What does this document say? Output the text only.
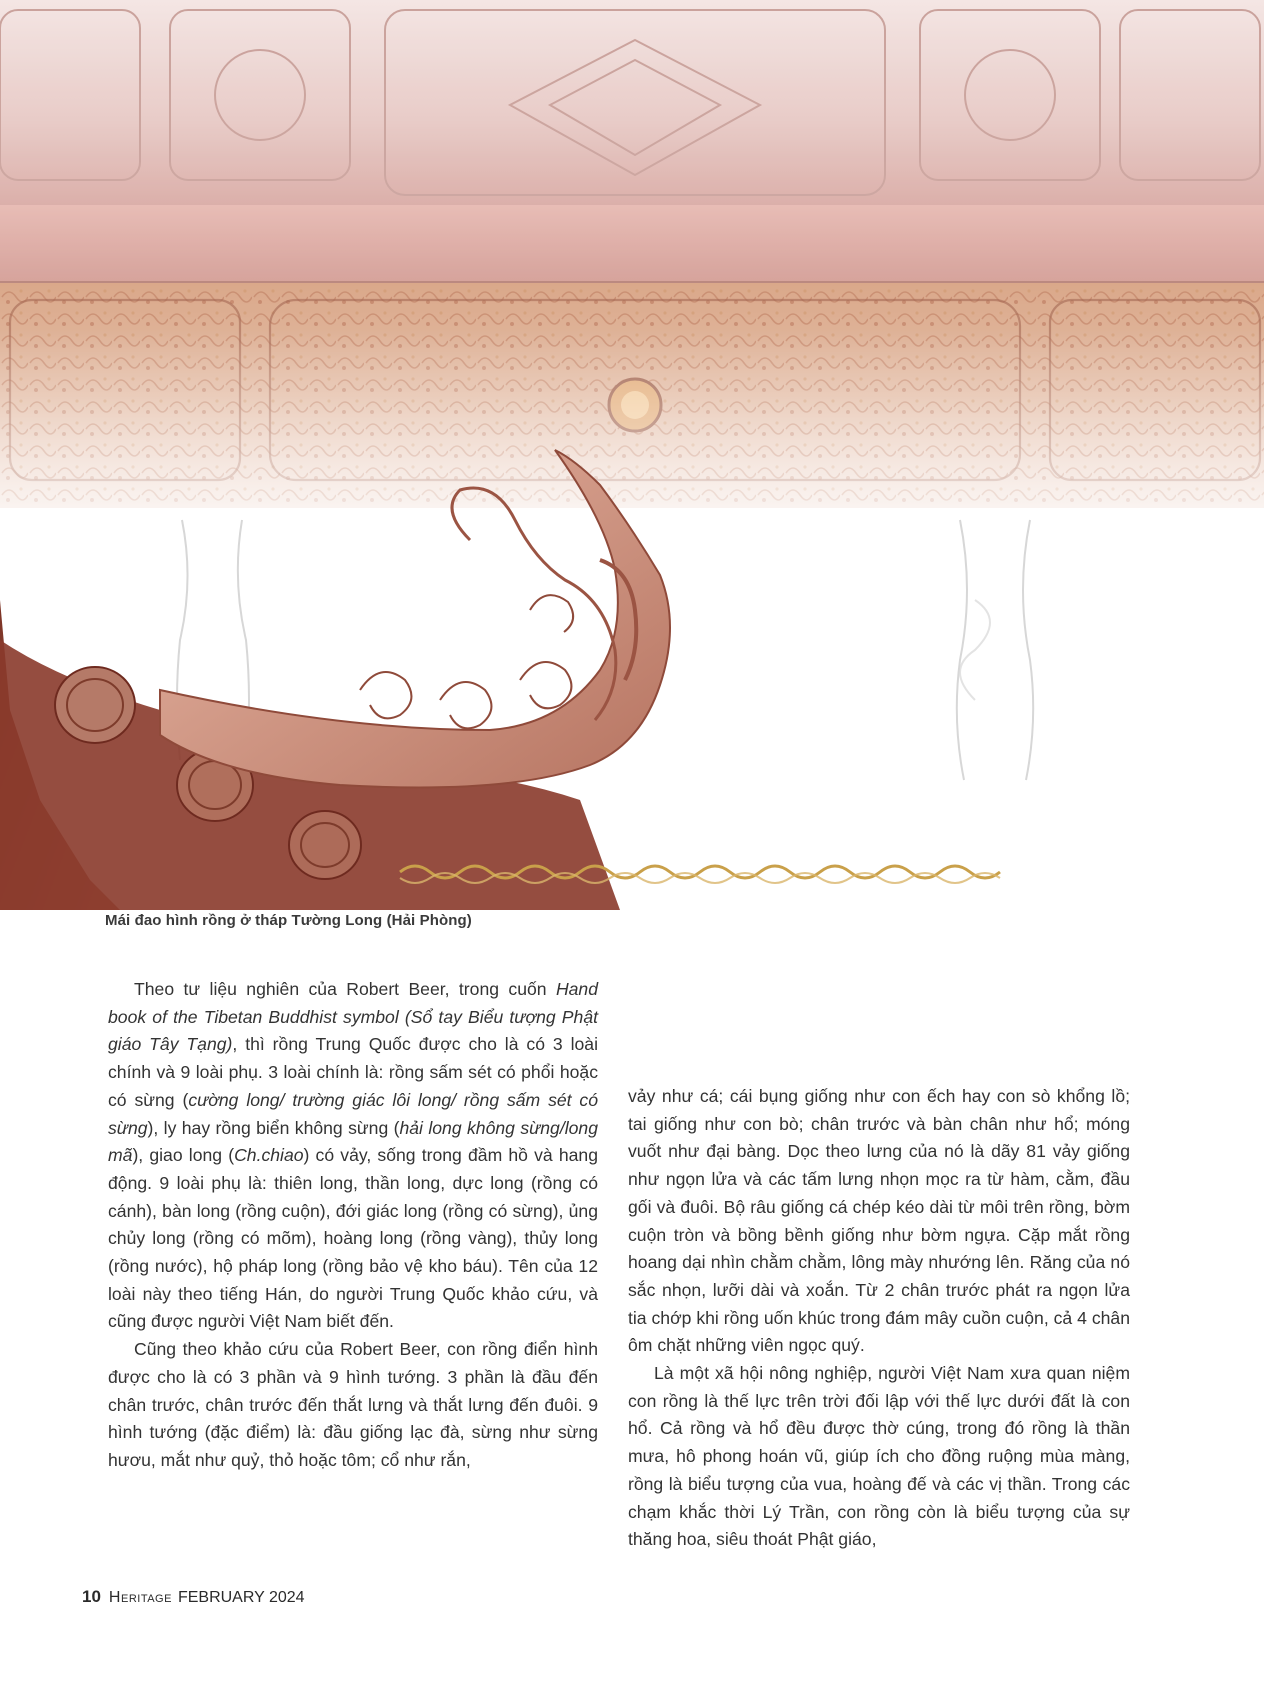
Mái đao hình rồng ở tháp Tường Long (Hải Phòng)

Theo tư liệu nghiên của Robert Beer, trong cuốn Hand book of the Tibetan Buddhist symbol (Sổ tay Biểu tượng Phật giáo Tây Tạng), thì rồng Trung Quốc được cho là có 3 loài chính và 9 loài phụ. 3 loài chính là: rồng sấm sét có phổi hoặc có sừng (cường long/ trường giác lôi long/ rồng sấm sét có sừng), ly hay rồng biển không sừng (hải long không sừng/long mã), giao long (Ch.chiao) có vảy, sống trong đầm hồ và hang động. 9 loài phụ là: thiên long, thần long, dực long (rồng có cánh), bàn long (rồng cuộn), đới giác long (rồng có sừng), ủng chủy long (rồng có mõm), hoàng long (rồng vàng), thủy long (rồng nước), hộ pháp long (rồng bảo vệ kho báu). Tên của 12 loài này theo tiếng Hán, do người Trung Quốc khảo cứu, và cũng được người Việt Nam biết đến.

Cũng theo khảo cứu của Robert Beer, con rồng điển hình được cho là có 3 phần và 9 hình tướng. 3 phần là đầu đến chân trước, chân trước đến thắt lưng và thắt lưng đến đuôi. 9 hình tướng (đặc điểm) là: đầu giống lạc đà, sừng như sừng hươu, mắt như quỷ, thỏ hoặc tôm; cổ như rắn,

vảy như cá; cái bụng giống như con ếch hay con sò khổng lồ; tai giống như con bò; chân trước và bàn chân như hổ; móng vuốt như đại bàng. Dọc theo lưng của nó là dãy 81 vảy giống như ngọn lửa và các tấm lưng nhọn mọc ra từ hàm, cằm, đầu gối và đuôi. Bộ râu giống cá chép kéo dài từ môi trên rồng, bờm cuộn tròn và bồng bềnh giống như bờm ngựa. Cặp mắt rồng hoang dại nhìn chằm chằm, lông mày nhướng lên. Răng của nó sắc nhọn, lưỡi dài và xoắn. Từ 2 chân trước phát ra ngọn lửa tia chớp khi rồng uốn khúc trong đám mây cuồn cuộn, cả 4 chân ôm chặt những viên ngọc quý.

Là một xã hội nông nghiệp, người Việt Nam xưa quan niệm con rồng là thế lực trên trời đối lập với thế lực dưới đất là con hổ. Cả rồng và hổ đều được thờ cúng, trong đó rồng là thần mưa, hô phong hoán vũ, giúp ích cho đồng ruộng mùa màng, rồng là biểu tượng của vua, hoàng đế và các vị thần. Trong các chạm khắc thời Lý Trần, con rồng còn là biểu tượng của sự thăng hoa, siêu thoát Phật giáo,

10 Heritage FEBRUARY 2024
